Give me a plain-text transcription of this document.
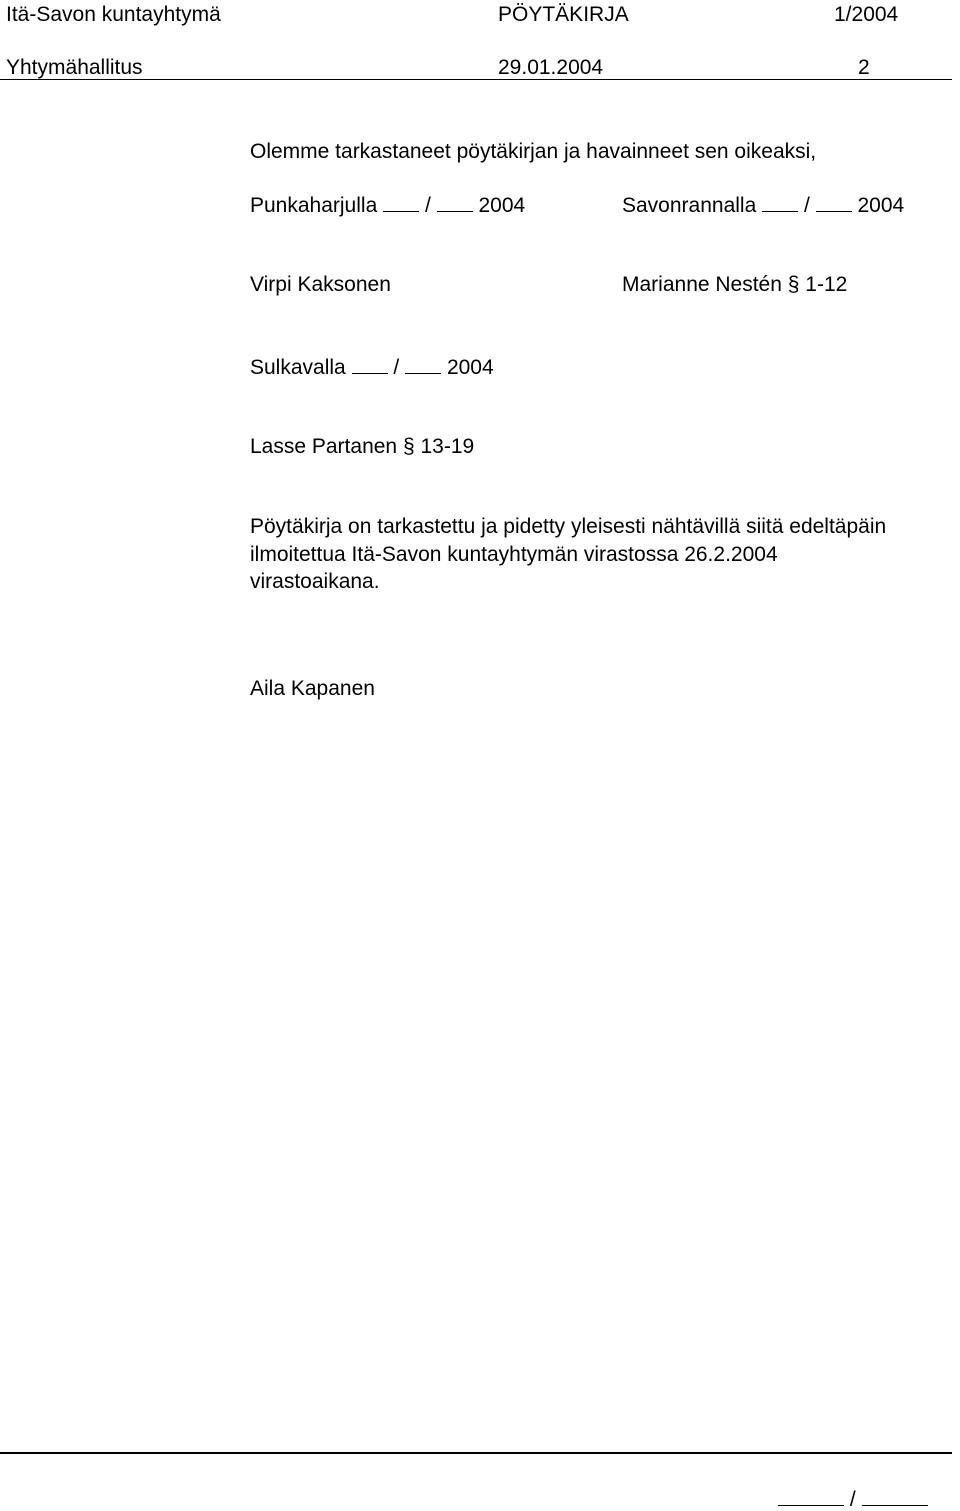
Itä-Savon kuntayhtymä	PÖYTÄKIRJA	1/2004
Yhtymähallitus	29.01.2004	2
Olemme tarkastaneet pöytäkirjan ja havainneet sen oikeaksi,
Punkaharjulla / 2004	Savonrannalla / 2004
Virpi Kaksonen	Marianne Nestén § 1-12
Sulkavalla / 2004
Lasse Partanen § 13-19
Pöytäkirja on tarkastettu ja pidetty yleisesti nähtävillä siitä edeltäpäin
ilmoitettua Itä-Savon kuntayhtymän virastossa 26.2.2004
virastoaikana.
Aila Kapanen
/
